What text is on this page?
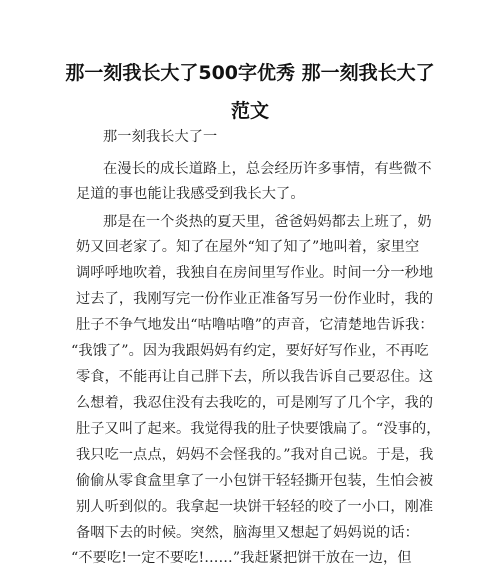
那一刻我长大了500字优秀 那一刻我长大了
范文
那一刻我长大了一
在漫长的成长道路上，总会经历许多事情，有些微不
足道的事也能让我感受到我长大了。
那是在一个炎热的夏天里，爸爸妈妈都去上班了，奶
奶又回老家了。知了在屋外“知了知了”地叫着，家里空
调呼呼地吹着，我独自在房间里写作业。时间一分一秒地
过去了，我刚写完一份作业正准备写另一份作业时，我的
肚子不争气地发出“咕噜咕噜”的声音，它清楚地告诉我：
“我饿了”。因为我跟妈妈有约定，要好好写作业，不再吃
零食，不能再让自己胖下去，所以我告诉自己要忍住。这
么想着，我忍住没有去我吃的，可是刚写了几个字，我的
肚子又叫了起来。我觉得我的肚子快要饿扁了。“没事的，
我只吃一点点，妈妈不会怪我的。”我对自己说。于是，我
偷偷从零食盒里拿了一小包饼干轻轻撕开包装，生怕会被
别人听到似的。我拿起一块饼干轻轻的咬了一小口，刚准
备咽下去的时候。突然，脑海里又想起了妈妈说的话：
“不要吃!一定不要吃!……”我赶紧把饼干放在一边，但
